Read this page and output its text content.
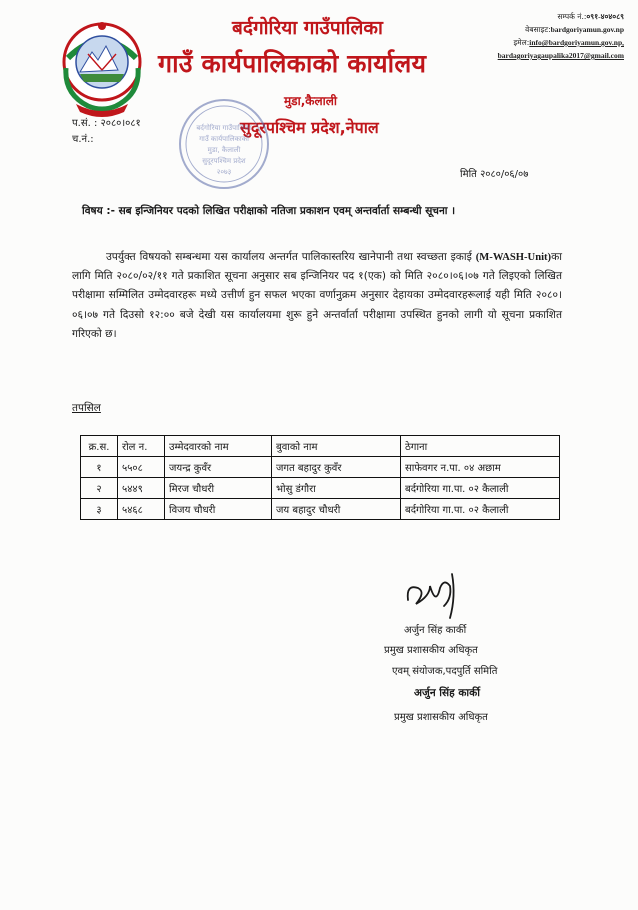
बर्दगोरिया गाउँपालिका
गाउँ कार्यपालिकाको कार्यालय
मुडा,कैलाली
सुदूरपश्चिम प्रदेश,नेपाल
सम्पर्क नं.:०९१-४०४०८९
वेबसाइट:bardgoriyamun.gov.np
इमेल:info@bardgoriyamun.gov.np,
bardagoriyagaupalika2017@gmail.com
बर्दगोरिया गाउँपालिका
गाउँ कार्यपालिकाको
मुडा, कैलाली
सुदूरपश्चिम प्रदेश
२०७३
प.सं. : २०८०।०८१
च.नं.:
मिति २०८०/०६/०७
विषय :- सब इन्जिनियर पदको लिखित परीक्षाको नतिजा प्रकाशन एवम् अन्तर्वार्ता सम्बन्धी सूचना ।
उपर्युक्त विषयको सम्बन्धमा यस कार्यालय अन्तर्गत पालिकास्तरिय खानेपानी तथा स्वच्छता इकाई (M-WASH-Unit)का लागि मिति २०८०/०२/११ गते प्रकाशित सूचना अनुसार सब इन्जिनियर पद १(एक) को मिति २०८०।०६।०७ गते लिइएको लिखित परीक्षामा सम्मिलित उम्मेदवारहरू मध्ये उत्तीर्ण हुन सफल भएका वर्णानुक्रम अनुसार देहायका उम्मेदवारहरूलाई यही मिति २०८०।०६।०७ गते दिउसो १२:०० बजे देखी यस कार्यालयमा शुरू हुने अन्तर्वार्ता परीक्षामा उपस्थित हुनको लागी यो सूचना प्रकाशित गरिएको छ।
तपसिल
क्र.स.	रोल न.	उम्मेदवारको नाम	बुवाको नाम	ठेगाना
१	५५०८	जयन्द्र कुवँर	जगत बहादुर कुवँर	साफेवगर न.पा. ०४ अछाम
२	५४४९	मिरज चौधरी	भोसु डंगौरा	बर्दगोरिया गा.पा. ०२ कैलाली
३	५४६८	विजय चौधरी	जय बहादुर चौधरी	बर्दगोरिया गा.पा. ०२ कैलाली
अर्जुन सिंह कार्की
प्रमुख प्रशासकीय अधिकृत
एवम् संयोजक,पदपुर्ति समिति
अर्जुन सिंह कार्की
प्रमुख प्रशासकीय अधिकृत
